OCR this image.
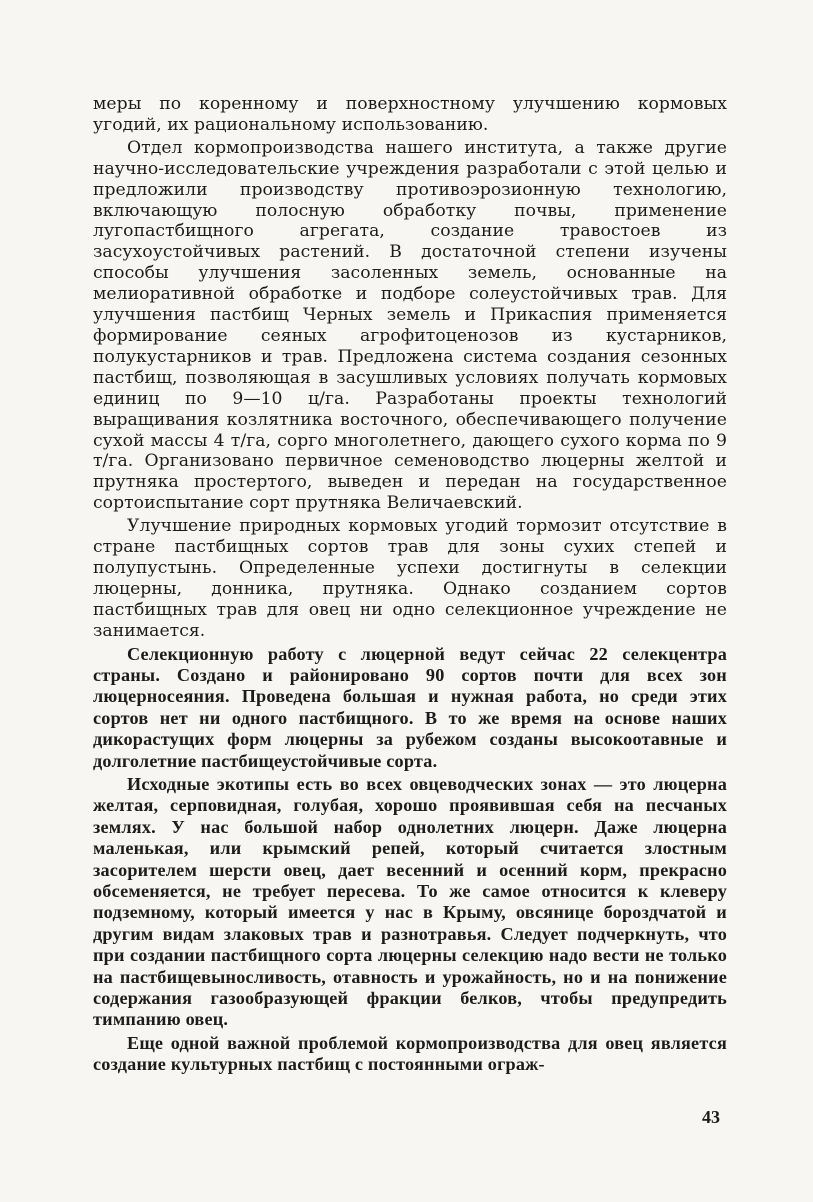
меры по коренному и поверхностному улучшению кормовых угодий, их рациональному использованию.

Отдел кормопроизводства нашего института, а также другие научно-исследовательские учреждения разработали с этой целью и предложили производству противоэрозионную технологию, включающую полосную обработку почвы, применение лугопастбищного агрегата, создание травостоев из засухоустойчивых растений. В достаточной степени изучены способы улучшения засоленных земель, основанные на мелиоративной обработке и подборе солеустойчивых трав. Для улучшения пастбищ Черных земель и Прикаспия применяется формирование сеяных агрофитоценозов из кустарников, полукустарников и трав. Предложена система создания сезонных пастбищ, позволяющая в засушливых условиях получать кормовых единиц по 9—10 ц/га. Разработаны проекты технологий выращивания козлятника восточного, обеспечивающего получение сухой массы 4 т/га, сорго многолетнего, дающего сухого корма по 9 т/га. Организовано первичное семеноводство люцерны желтой и прутняка простертого, выведен и передан на государственное сортоиспытание сорт прутняка Величаевский.

Улучшение природных кормовых угодий тормозит отсутствие в стране пастбищных сортов трав для зоны сухих степей и полупустынь. Определенные успехи достигнуты в селекции люцерны, донника, прутняка. Однако созданием сортов пастбищных трав для овец ни одно селекционное учреждение не занимается.

Селекционную работу с люцерной ведут сейчас 22 селекцентра страны. Создано и районировано 90 сортов почти для всех зон люцерносеяния. Проведена большая и нужная работа, но среди этих сортов нет ни одного пастбищного. В то же время на основе наших дикорастущих форм люцерны за рубежом созданы высокоотавные и долголетние пастбищеустойчивые сорта.

Исходные экотипы есть во всех овцеводческих зонах — это люцерна желтая, серповидная, голубая, хорошо проявившая себя на песчаных землях. У нас большой набор однолетних люцерн. Даже люцерна маленькая, или крымский репей, который считается злостным засорителем шерсти овец, дает весенний и осенний корм, прекрасно обсеменяется, не требует пересева. То же самое относится к клеверу подземному, который имеется у нас в Крыму, овсянице бороздчатой и другим видам злаковых трав и разнотравья. Следует подчеркнуть, что при создании пастбищного сорта люцерны селекцию надо вести не только на пастбищевыносливость, отавность и урожайность, но и на понижение содержания газообразующей фракции белков, чтобы предупредить тимпанию овец.

Еще одной важной проблемой кормопроизводства для овец является создание культурных пастбищ с постоянными ограж-

43
